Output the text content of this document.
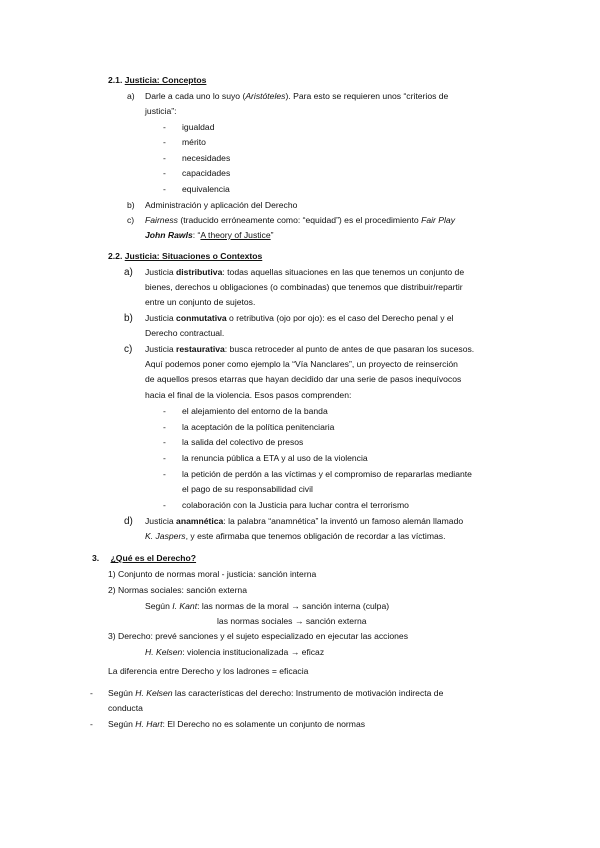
2.1. Justicia: Conceptos
a) Darle a cada uno lo suyo (Aristóteles). Para esto se requieren unos “criterios de
justicia”:
- igualdad
- mérito
- necesidades
- capacidades
- equivalencia
b) Administración y aplicación del Derecho
c) Fairness (traducido erróneamente como: “equidad”) es el procedimiento Fair Play
John Rawls: “A theory of Justice”
2.2. Justicia: Situaciones o Contextos
a) Justicia distributiva: todas aquellas situaciones en las que tenemos un conjunto de
bienes, derechos u obligaciones (o combinadas) que tenemos que distribuir/repartir
entre un conjunto de sujetos.
b) Justicia conmutativa o retributiva (ojo por ojo): es el caso del Derecho penal y el
Derecho contractual.
c) Justicia restaurativa: busca retroceder al punto de antes de que pasaran los sucesos.
Aquí podemos poner como ejemplo la “Vía Nanclares”, un proyecto de reinserción
de aquellos presos etarras que hayan decidido dar una serie de pasos inequívocos
hacia el final de la violencia. Esos pasos comprenden:
- el alejamiento del entorno de la banda
- la aceptación de la política penitenciaria
- la salida del colectivo de presos
- la renuncia pública a ETA y al uso de la violencia
- la petición de perdón a las víctimas y el compromiso de repararlas mediante
el pago de su responsabilidad civil
- colaboración con la Justicia para luchar contra el terrorismo
d) Justicia anamnética: la palabra “anamnética” la inventó un famoso alemán llamado
K. Jaspers, y este afirmaba que tenemos obligación de recordar a las víctimas.
3. ¿Qué es el Derecho?
1) Conjunto de normas moral - justicia: sanción interna
2) Normas sociales: sanción externa
Según I. Kant: las normas de la moral → sanción interna (culpa)
las normas sociales → sanción externa
3) Derecho: prevé sanciones y el sujeto especializado en ejecutar las acciones
H. Kelsen: violencia institucionalizada → eficaz
La diferencia entre Derecho y los ladrones = eficacia
- Según H. Kelsen las características del derecho: Instrumento de motivación indirecta de
conducta
- Según H. Hart: El Derecho no es solamente un conjunto de normas
